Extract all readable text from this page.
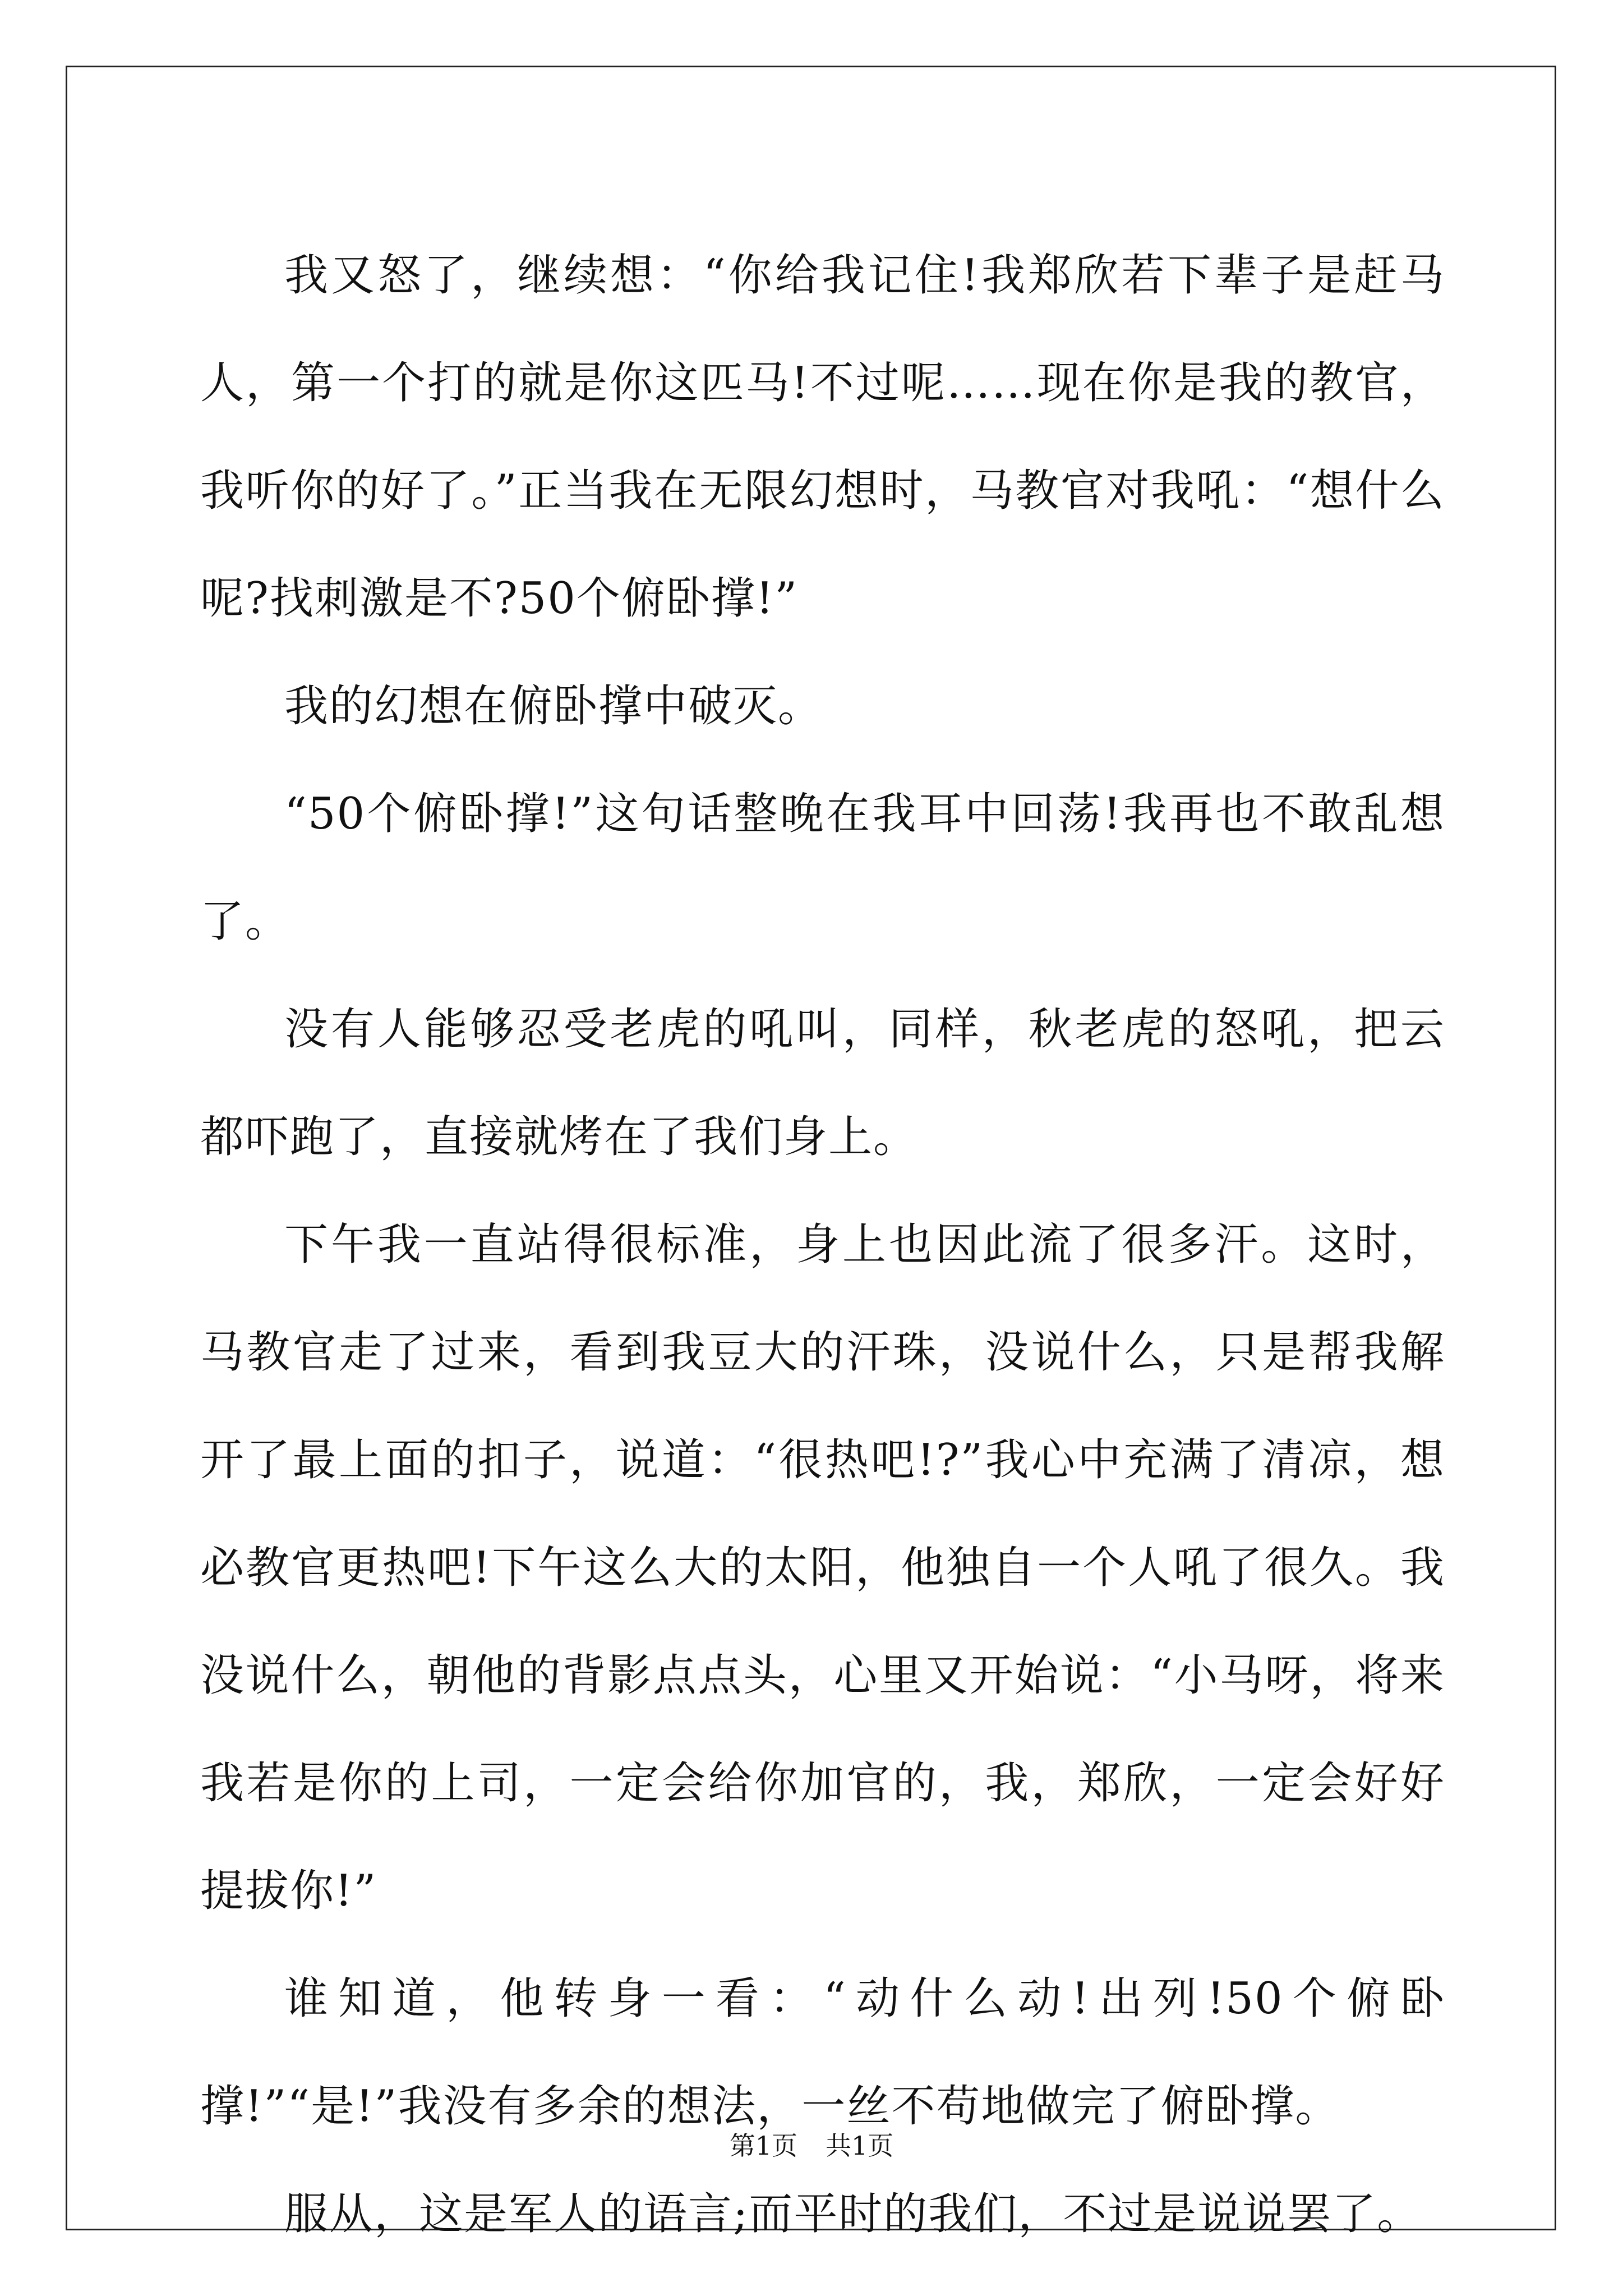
我又怒了，继续想：“你给我记住!我郑欣若下辈子是赶马人，第一个打的就是你这匹马!不过呢……现在你是我的教官，我听你的好了。”正当我在无限幻想时，马教官对我吼：“想什么呢?找刺激是不?50个俯卧撑!”

我的幻想在俯卧撑中破灭。

“50个俯卧撑!”这句话整晚在我耳中回荡!我再也不敢乱想了。

没有人能够忍受老虎的吼叫，同样，秋老虎的怒吼，把云都吓跑了，直接就烤在了我们身上。

下午我一直站得很标准，身上也因此流了很多汗。这时，马教官走了过来，看到我豆大的汗珠，没说什么，只是帮我解开了最上面的扣子，说道：“很热吧!?”我心中充满了清凉，想必教官更热吧!下午这么大的太阳，他独自一个人吼了很久。我没说什么，朝他的背影点点头，心里又开始说：“小马呀，将来我若是你的上司，一定会给你加官的，我，郑欣，一定会好好提拔你!”

谁知道，他转身一看：“动什么动!出列!50个俯卧撑!”“是!”我没有多余的想法，一丝不苟地做完了俯卧撑。

服从，这是军人的语言;而平时的我们，不过是说说罢了。

第1页 共1页
